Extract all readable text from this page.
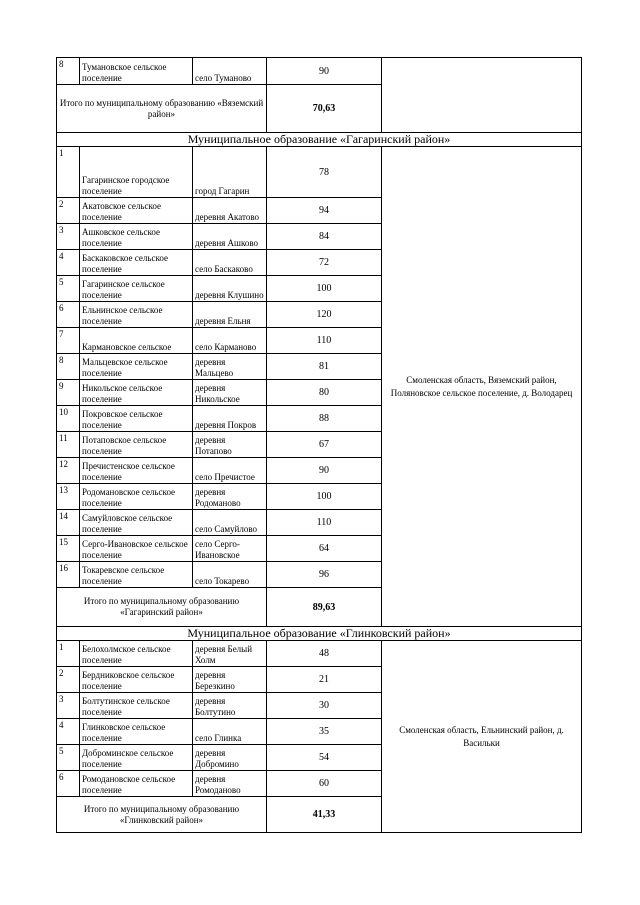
8	Тумановское сельское поселение	село Туманово	90	
Итого по муниципальному образованию «Вяземский район»			70,63	
Муниципальное образование «Гагаринский район»				
1	Гагаринское городское поселение	город Гагарин	78	Смоленская область, Вяземский район, Поляновское сельское поселение, д. Володарец
2	Акатовское сельское поселение	деревня Акатово	94	
3	Ашковское сельское поселение	деревня Ашково	84	
4	Баскаковское сельское поселение	село Баскаково	72	
5	Гагаринское сельское поселение	деревня Клушино	100	
6	Ельнинское сельское поселение	деревня Ельня	120	
7	Кармановское сельское	село Карманово	110	
8	Мальцевское сельское поселение	деревня Мальцево	81	
9	Никольское сельское поселение	деревня Никольское	80	
10	Покровское сельское поселение	деревня Покров	88	
11	Потаповское сельское поселение	деревня Потапово	67	
12	Пречистенское сельское поселение	село Пречистое	90	
13	Родомановское сельское поселение	деревня Родоманово	100	
14	Самуйловское сельское поселение	село Самуйлово	110	
15	Серго-Ивановское сельское поселение	село Серго-Ивановское	64	
16	Токаревское сельское поселение	село Токарево	96	
Итого по муниципальному образованию «Гагаринский район»			89,63	
Муниципальное образование «Глинковский район»				
1	Белохолмское сельское поселение	деревня Белый Холм	48	Смоленская область, Ельнинский район, д. Васильки
2	Бердниковское сельское поселение	деревня Березкино	21	
3	Болтутинское сельское поселение	деревня Болтутино	30	
4	Глинковское сельское поселение	село Глинка	35	
5	Доброминское сельское поселение	деревня Добромино	54	
6	Ромодановское сельское поселение	деревня Ромоданово	60	
Итого по муниципальному образованию «Глинковский район»			41,33	
